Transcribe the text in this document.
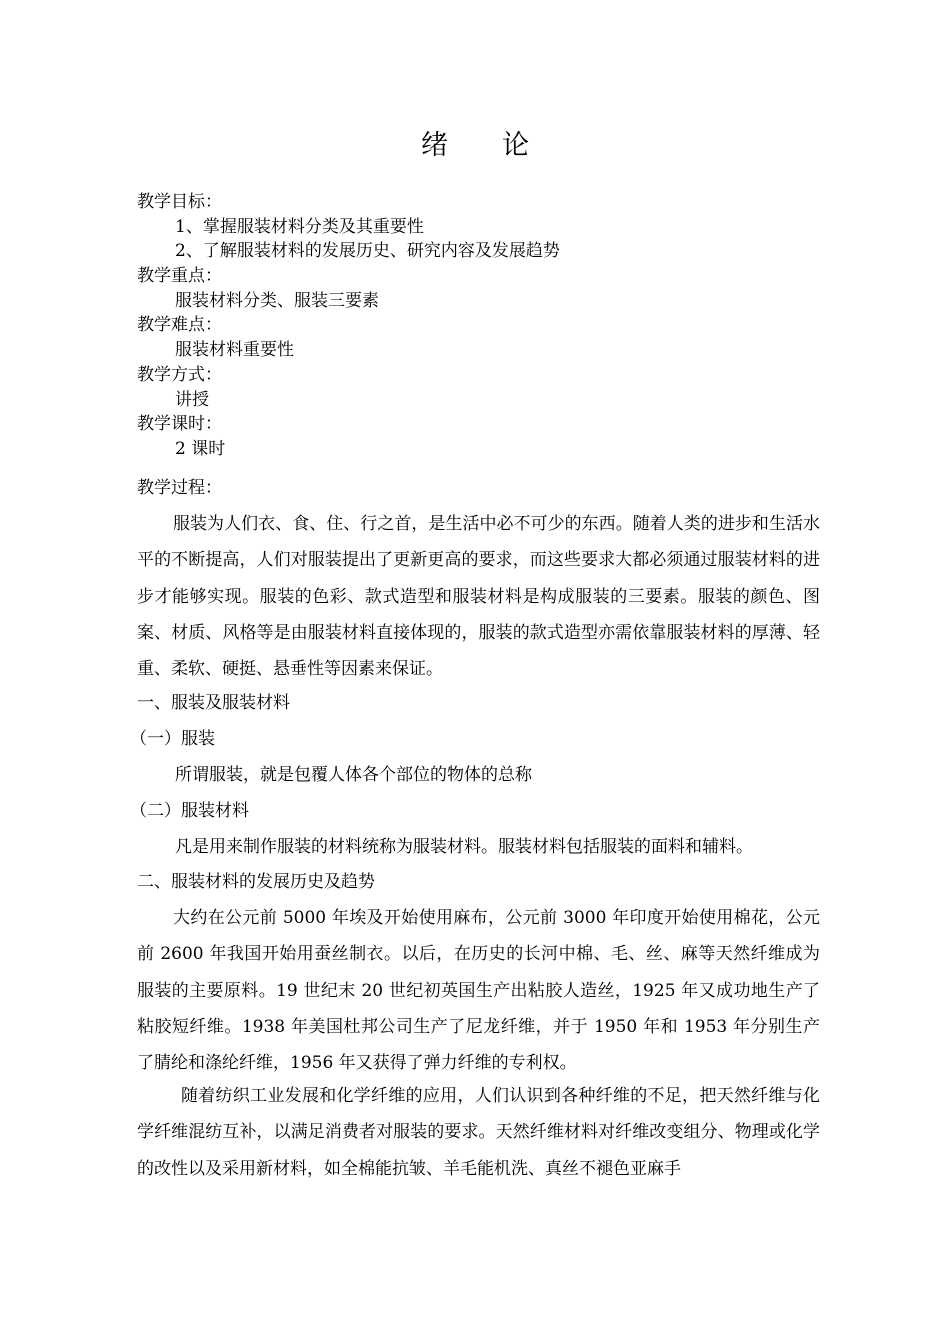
绪论
教学目标：
1、掌握服装材料分类及其重要性
2、了解服装材料的发展历史、研究内容及发展趋势
教学重点：
服装材料分类、服装三要素
教学难点：
服装材料重要性
教学方式：
讲授
教学课时：
2 课时
教学过程：

服装为人们衣、食、住、行之首，是生活中必不可少的东西。随着人类的进步和生活水平的不断提高，人们对服装提出了更新更高的要求，而这些要求大都必须通过服装材料的进步才能够实现。服装的色彩、款式造型和服装材料是构成服装的三要素。服装的颜色、图案、材质、风格等是由服装材料直接体现的，服装的款式造型亦需依靠服装材料的厚薄、轻重、柔软、硬挺、悬垂性等因素来保证。

一、服装及服装材料
（一）服装
所谓服装，就是包覆人体各个部位的物体的总称
（二）服装材料
凡是用来制作服装的材料统称为服装材料。服装材料包括服装的面料和辅料。
二、服装材料的发展历史及趋势

大约在公元前 5000 年埃及开始使用麻布，公元前 3000 年印度开始使用棉花，公元前 2600 年我国开始用蚕丝制衣。以后，在历史的长河中棉、毛、丝、麻等天然纤维成为服装的主要原料。19 世纪末 20 世纪初英国生产出粘胶人造丝，1925 年又成功地生产了粘胶短纤维。1938 年美国杜邦公司生产了尼龙纤维，并于 1950 年和 1953 年分别生产了腈纶和涤纶纤维，1956 年又获得了弹力纤维的专利权。

随着纺织工业发展和化学纤维的应用，人们认识到各种纤维的不足，把天然纤维与化学纤维混纺互补，以满足消费者对服装的要求。天然纤维材料对纤维改变组分、物理或化学的改性以及采用新材料，如全棉能抗皱、羊毛能机洗、真丝不褪色亚麻手
